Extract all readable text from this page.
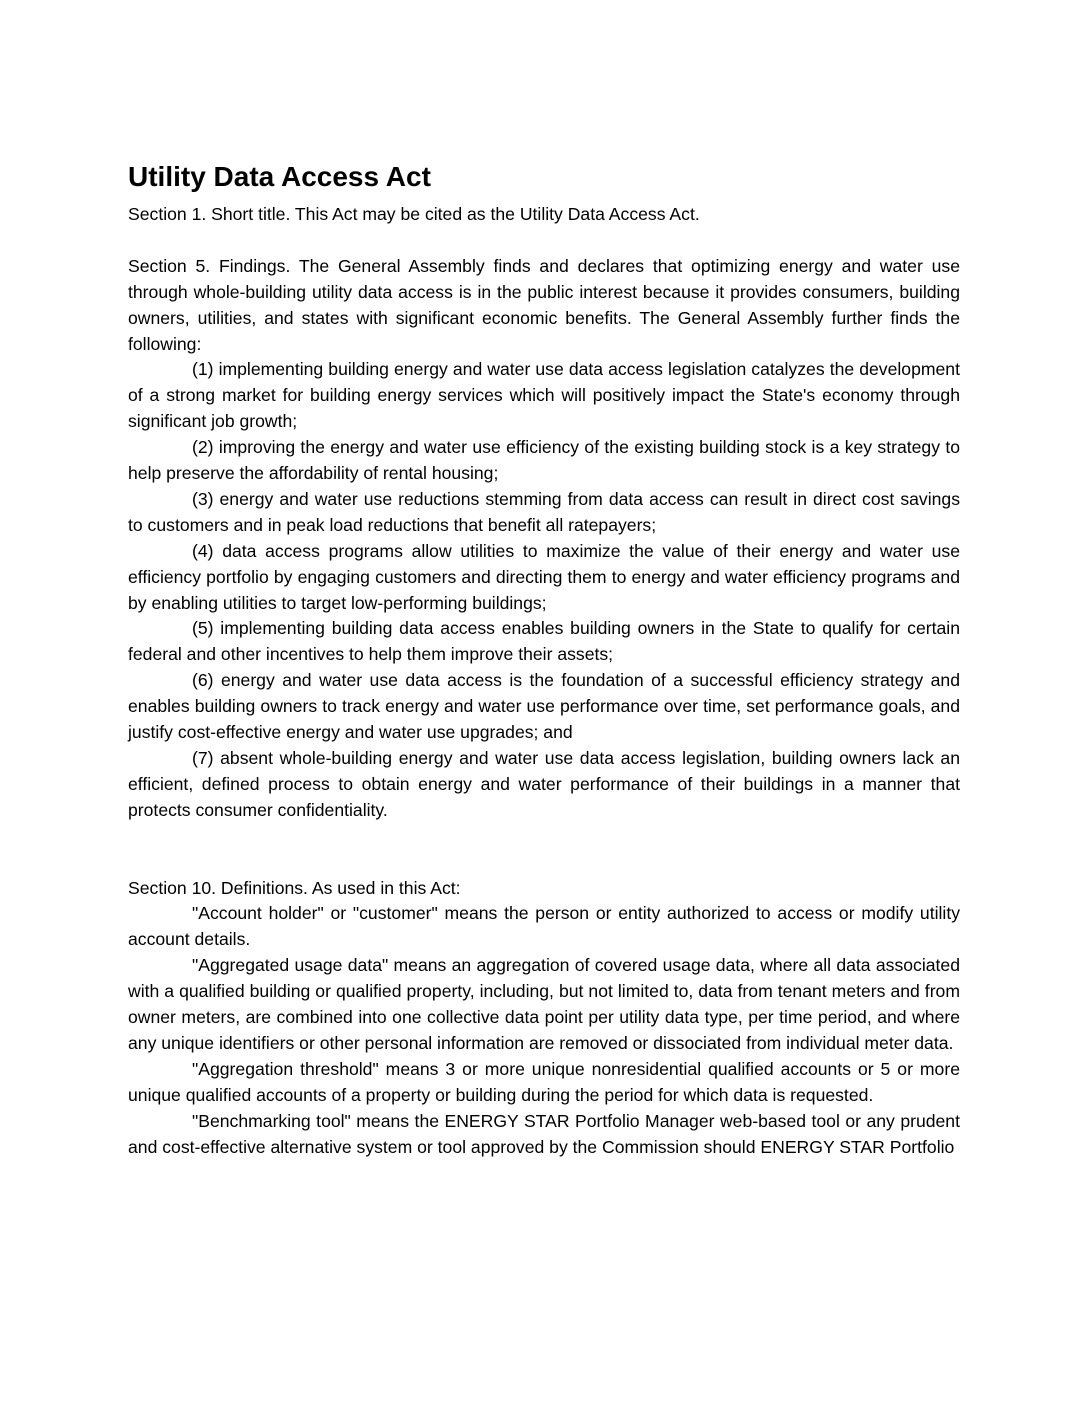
Utility Data Access Act

Section 1. Short title. This Act may be cited as the Utility Data Access Act.

Section 5. Findings. The General Assembly finds and declares that optimizing energy and water use through whole-building utility data access is in the public interest because it provides consumers, building owners, utilities, and states with significant economic benefits. The General Assembly further finds the following:

(1) implementing building energy and water use data access legislation catalyzes the development of a strong market for building energy services which will positively impact the State's economy through significant job growth;

(2) improving the energy and water use efficiency of the existing building stock is a key strategy to help preserve the affordability of rental housing;

(3) energy and water use reductions stemming from data access can result in direct cost savings to customers and in peak load reductions that benefit all ratepayers;

(4) data access programs allow utilities to maximize the value of their energy and water use efficiency portfolio by engaging customers and directing them to energy and water efficiency programs and by enabling utilities to target low-performing buildings;

(5) implementing building data access enables building owners in the State to qualify for certain federal and other incentives to help them improve their assets;

(6) energy and water use data access is the foundation of a successful efficiency strategy and enables building owners to track energy and water use performance over time, set performance goals, and justify cost-effective energy and water use upgrades; and

(7) absent whole-building energy and water use data access legislation, building owners lack an efficient, defined process to obtain energy and water performance of their buildings in a manner that protects consumer confidentiality.

Section 10. Definitions. As used in this Act:

"Account holder" or "customer" means the person or entity authorized to access or modify utility account details.

"Aggregated usage data" means an aggregation of covered usage data, where all data associated with a qualified building or qualified property, including, but not limited to, data from tenant meters and from owner meters, are combined into one collective data point per utility data type, per time period, and where any unique identifiers or other personal information are removed or dissociated from individual meter data.

"Aggregation threshold" means 3 or more unique nonresidential qualified accounts or 5 or more unique qualified accounts of a property or building during the period for which data is requested.

"Benchmarking tool" means the ENERGY STAR Portfolio Manager web-based tool or any prudent and cost-effective alternative system or tool approved by the Commission should ENERGY STAR Portfolio
